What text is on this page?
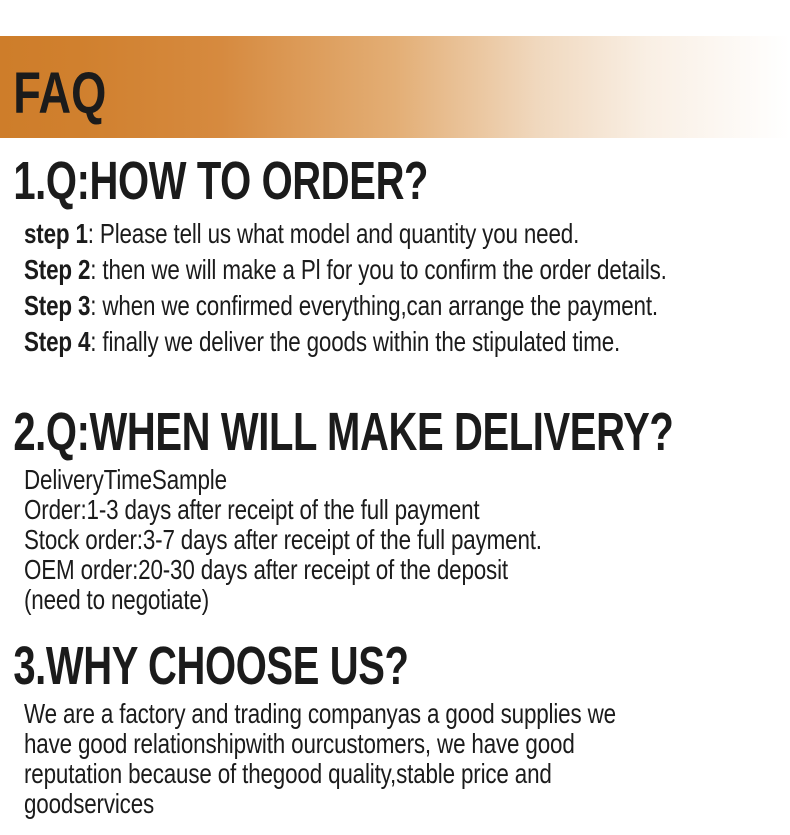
FAQ
1.Q:HOW TO ORDER?
step 1: Please tell us what model and quantity you need.
Step 2: then we will make a Pl for you to confirm the order details.
Step 3: when we confirmed everything,can arrange the payment.
Step 4: finally we deliver the goods within the stipulated time.
2.Q:WHEN WILL MAKE DELIVERY?
DeliveryTimeSample
Order:1-3 days after receipt of the full payment
Stock order:3-7 days after receipt of the full payment.
OEM order:20-30 days after receipt of the deposit
(need to negotiate)
3.WHY CHOOSE US?
We are a factory and trading companyas a good supplies we
have good relationshipwith ourcustomers, we have good
reputation because of thegood quality,stable price and
goodservices
